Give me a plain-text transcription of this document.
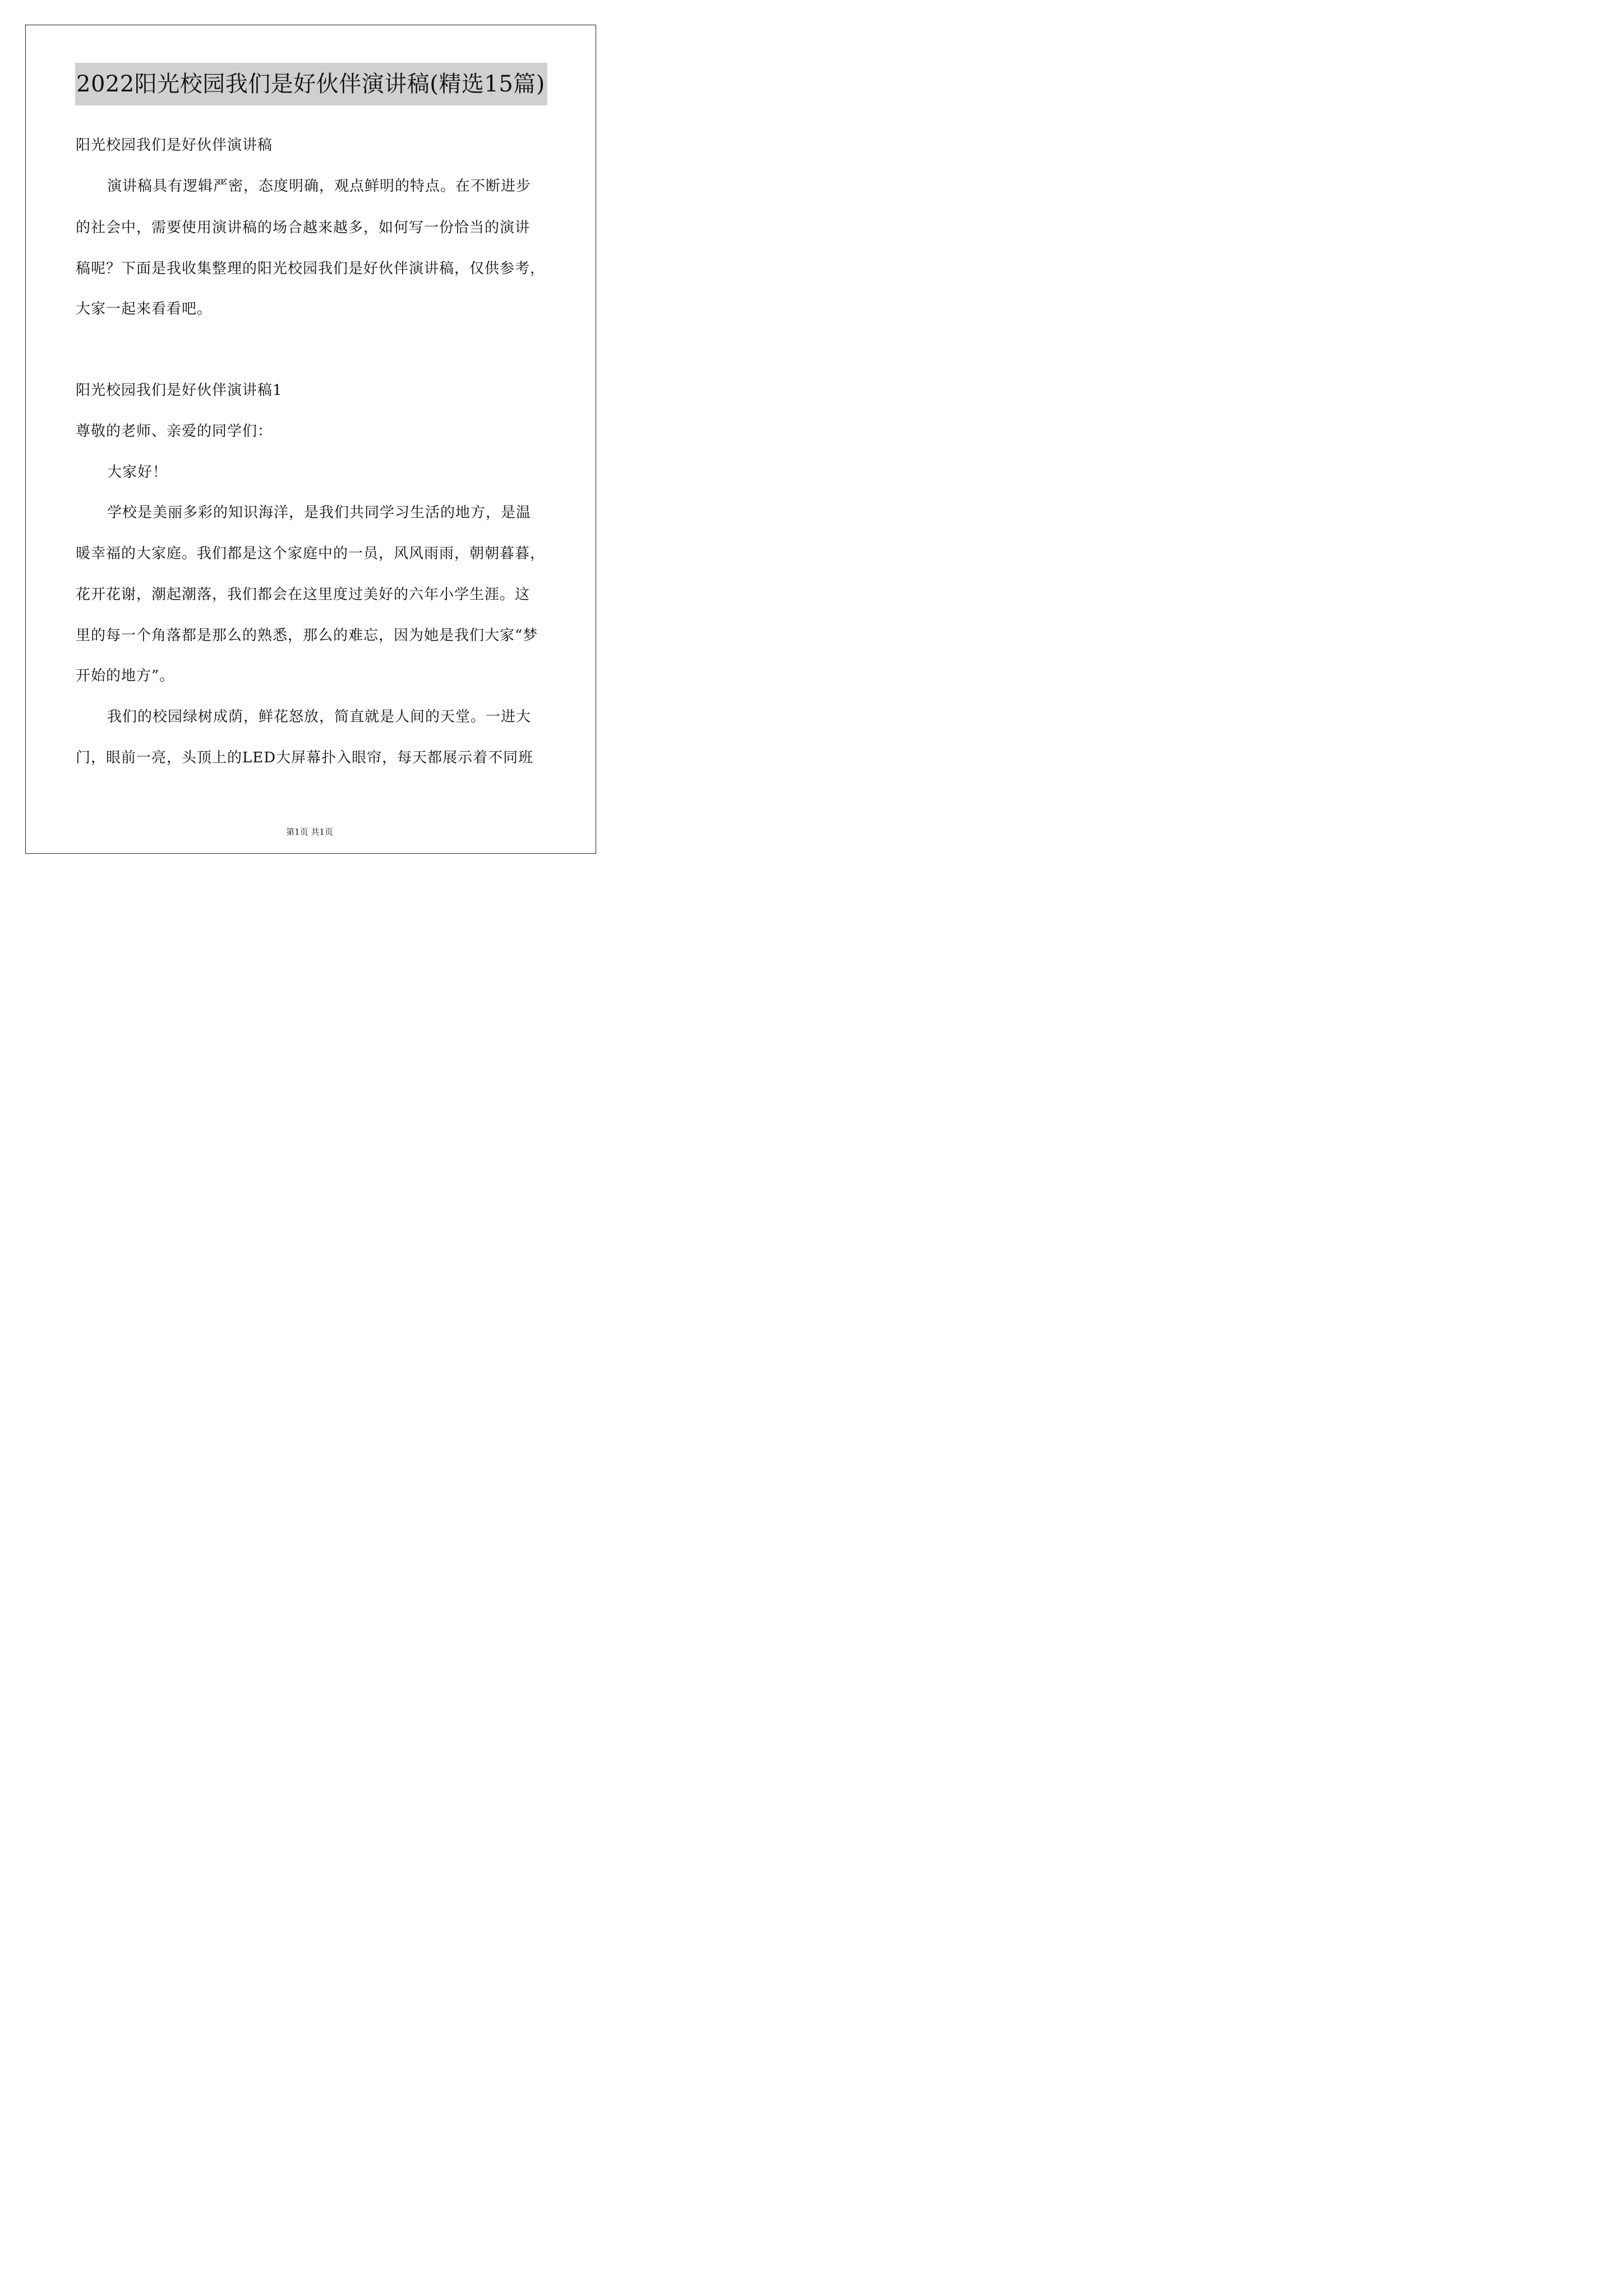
2022阳光校园我们是好伙伴演讲稿(精选15篇)
阳光校园我们是好伙伴演讲稿
演讲稿具有逻辑严密，态度明确，观点鲜明的特点。在不断进步
的社会中，需要使用演讲稿的场合越来越多，如何写一份恰当的演讲
稿呢？下面是我收集整理的阳光校园我们是好伙伴演讲稿，仅供参考，
大家一起来看看吧。
阳光校园我们是好伙伴演讲稿1
尊敬的老师、亲爱的同学们：
大家好！
学校是美丽多彩的知识海洋，是我们共同学习生活的地方，是温
暖幸福的大家庭。我们都是这个家庭中的一员，风风雨雨，朝朝暮暮，
花开花谢，潮起潮落，我们都会在这里度过美好的六年小学生涯。这
里的每一个角落都是那么的熟悉，那么的难忘，因为她是我们大家“梦
开始的地方”。
我们的校园绿树成荫，鲜花怒放，简直就是人间的天堂。一进大
门，眼前一亮，头顶上的LED大屏幕扑入眼帘，每天都展示着不同班
第1页 共1页
